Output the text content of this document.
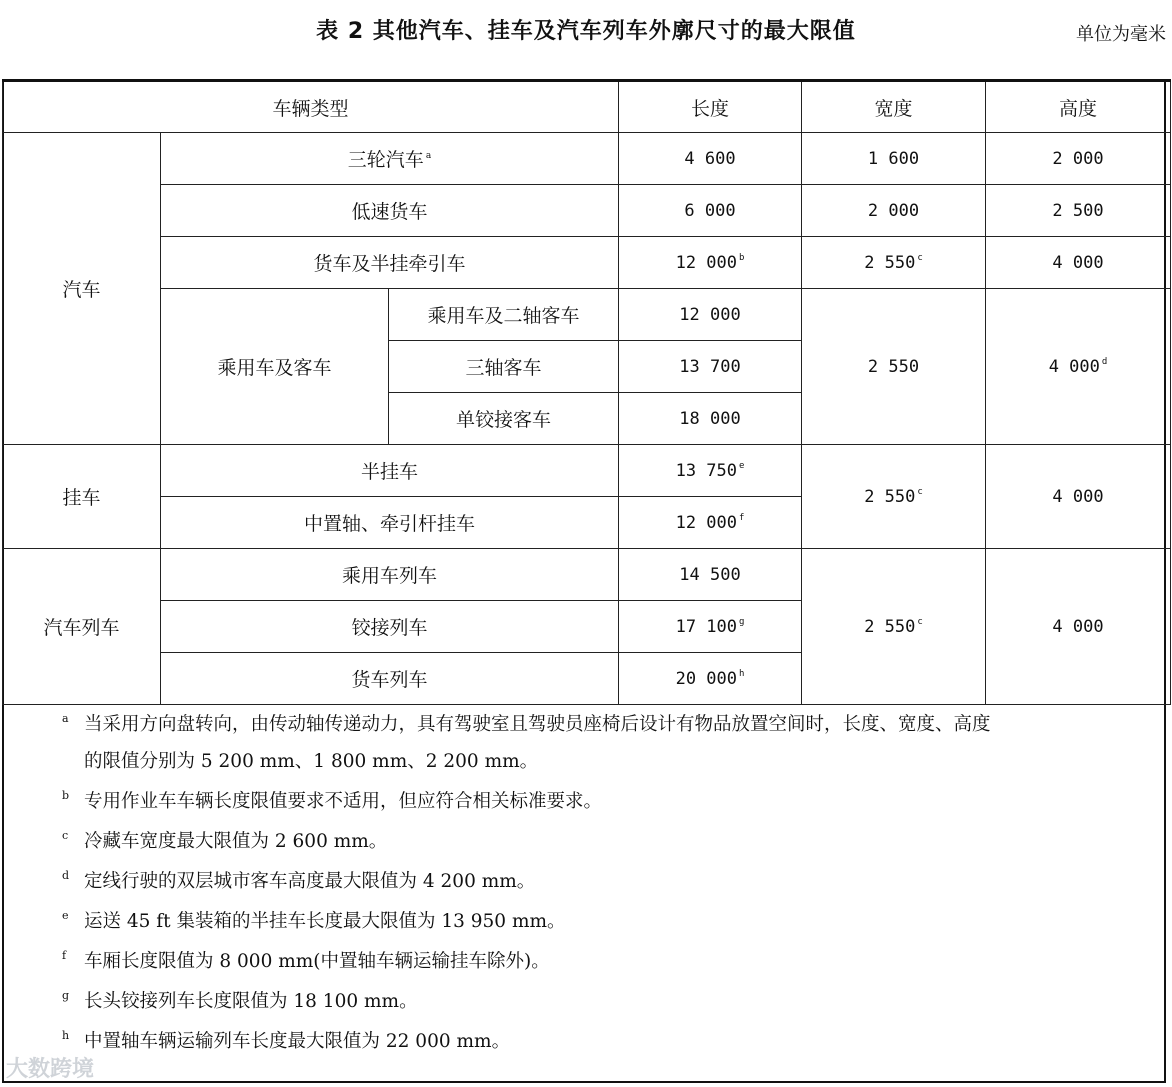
表 2 其他汽车、挂车及汽车列车外廓尺寸的最大限值	单位为毫米
车辆类型			长度	宽度	高度
汽车	三轮汽车 $^a$		4 600	1 600	2 000
	低速货车		6 000	2 000	2 500
	货车及半挂牵引车		12 000 $^b$	2 550 $^c$	4 000
	乘用车及客车	乘用车及二轴客车	12 000	2 550	4 000 $^d$
		三轴客车	13 700		
		单铰接客车	18 000		
挂车	半挂车		13 750 $^e$	2 550 $^c$	4 000
	中置轴、牵引杆挂车		12 000 $^f$
汽车列车	乘用车列车		14 500	2 550 $^c$	4 000
	铰接列车		17 100 $^g$
	货车列车		20 000 $^h$
a 当采用方向盘转向，由传动轴传递动力，具有驾驶室且驾驶员座椅后设计有物品放置空间时，长度、宽度、高度
的限值分别为 5 200 mm、1 800 mm、2 200 mm。
b 专用作业车车辆长度限值要求不适用，但应符合相关标准要求。
c 冷藏车宽度最大限值为 2 600 mm。
d 定线行驶的双层城市客车高度最大限值为 4 200 mm。
e 运送 45 ft 集装箱的半挂车长度最大限值为 13 950 mm。
f 车厢长度限值为 8 000 mm(中置轴车辆运输挂车除外)。
g 长头铰接列车长度限值为 18 100 mm。
h 中置轴车辆运输列车长度最大限值为 22 000 mm。
大数跨境
